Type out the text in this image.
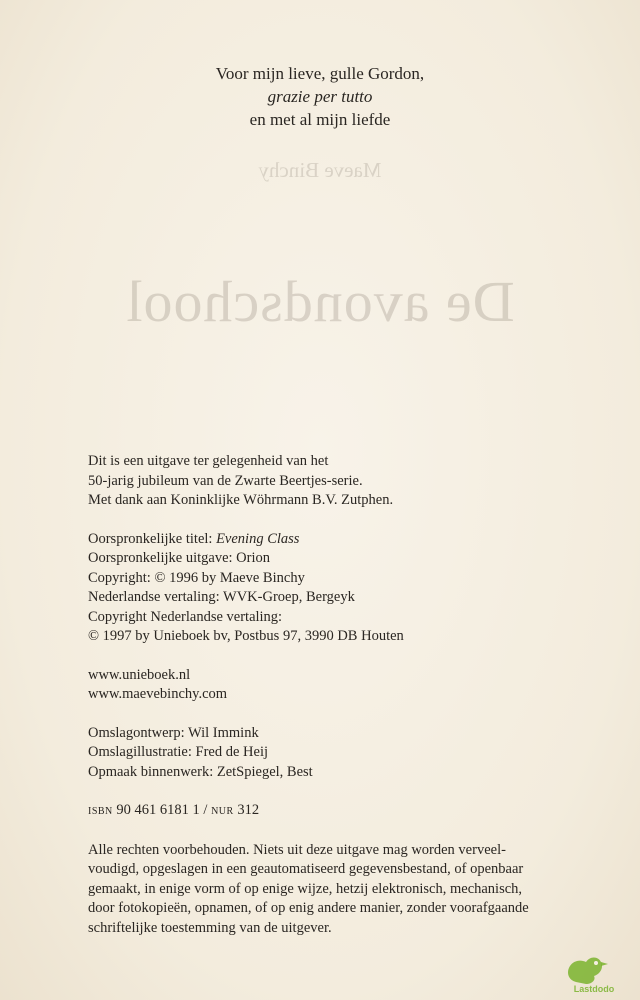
Voor mijn lieve, gulle Gordon,
grazie per tutto
en met al mijn liefde
Maeve Binchy
De avondschool

Dit is een uitgave ter gelegenheid van het

50-jarig jubileum van de Zwarte Beertjes-serie.

Met dank aan Koninklijke Wöhrmann B.V. Zutphen.

Oorspronkelijke titel: Evening Class

Oorspronkelijke uitgave: Orion

Copyright: © 1996 by Maeve Binchy

Nederlandse vertaling: WVK-Groep, Bergeyk

Copyright Nederlandse vertaling:

© 1997 by Unieboek bv, Postbus 97, 3990 DB Houten

www.unieboek.nl

www.maevebinchy.com

Omslagontwerp: Wil Immink

Omslagillustratie: Fred de Heij

Opmaak binnenwerk: ZetSpiegel, Best

ISBN 90 461 6181 1 / NUR 312

Alle rechten voorbehouden. Niets uit deze uitgave mag worden verveel-

voudigd, opgeslagen in een geautomatiseerd gegevensbestand, of openbaar

gemaakt, in enige vorm of op enige wijze, hetzij elektronisch, mechanisch,

door fotokopieën, opnamen, of op enig andere manier, zonder voorafgaande

schriftelijke toestemming van de uitgever.

Lastdodo
